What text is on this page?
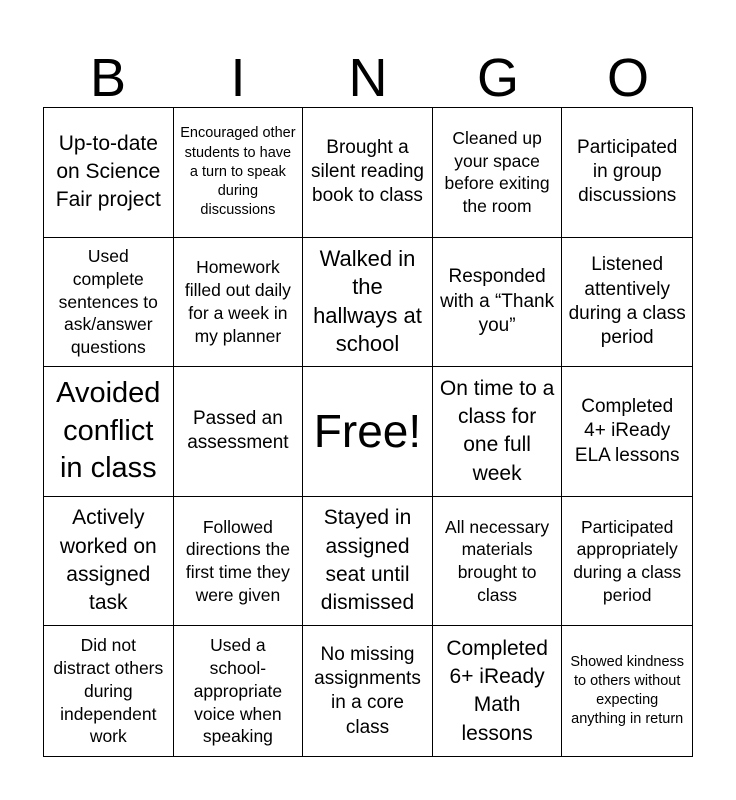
B	I	N	G	O
Up-to-date on Science Fair project
Encouraged other students to have a turn to speak during discussions
Brought a silent reading book to class
Cleaned up your space before exiting the room
Participated in group discussions
Used complete sentences to ask/answer questions
Homework filled out daily for a week in my planner
Walked in the hallways at school
Responded with a “Thank you”
Listened attentively during a class period
Avoided conflict in class
Passed an assessment Free!
On time to a class for one full week
Completed 4+ iReady ELA lessons
Actively worked on assigned task
Followed directions the first time they were given
Stayed in assigned seat until dismissed
All necessary materials brought to class
Participated appropriately during a class period
Did not distract others during independent work
Used a school-appropriate voice when speaking
No missing assignments in a core class
Completed 6+ iReady Math lessons
Showed kindness to others without expecting anything in return
